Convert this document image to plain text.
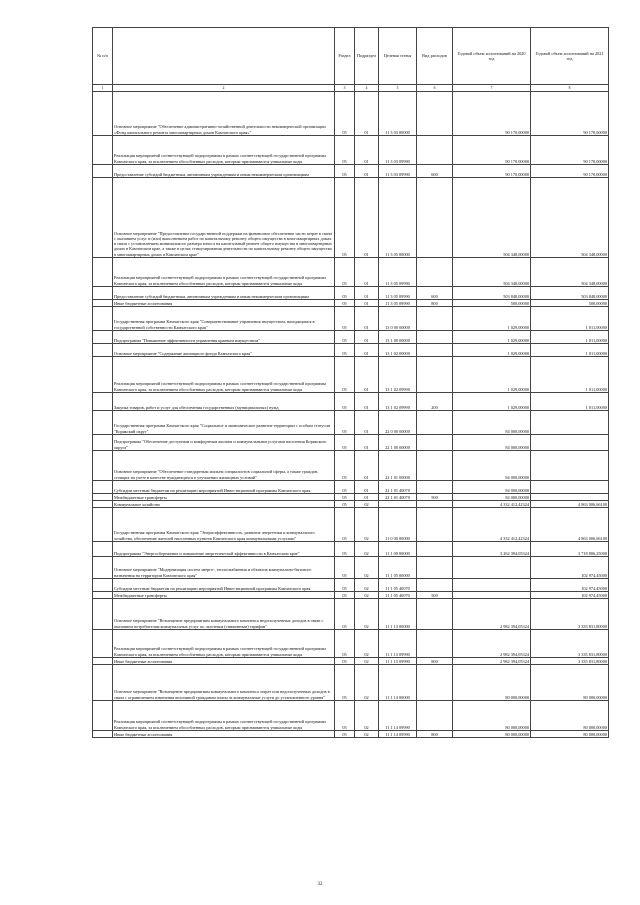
№ п/п		Раздел	Подраздел	Целевая статья	Вид расходов	Годовой объем ассигнований на 2020 год	Годовой объем ассигнований на 2021 год
1	2	3	4	5	6	7	8
	Основное мероприятие "Обеспечение административно-хозяйственной деятельности некоммерческой организации «Фонд капитального ремонта многоквартирных домов Камчатского края»"	05	01	11 3 03 00000		90 170,00000	90 170,00000
	Реализация мероприятий соответствующей подпрограммы в рамках соответствующей государственной программы Камчатского края, за исключением обособленных расходов, которым присваиваются уникальные коды	05	01	11 3 03 09990		90 170,00000	90 170,00000
	Предоставление субсидий бюджетным, автономным учреждениям и иным некоммерческим организациям	05	01	11 3 03 09990	600	90 170,00000	90 170,00000
	Основное мероприятие "Предоставление государственной поддержки на финансовое обеспечение части затрат в связи с оказанием услуг и (или) выполнением работ по капитальному ремонту общего имущества в многоквартирных домах в связи с установлением минимального размера взноса на капитальный ремонт общего имущества в многоквартирных домах в Камчатском крае, а также в целях стимулирования деятельности по капитальному ремонту общего имущества в многоквартирных домах в Камчатском крае"	05	01	11 3 05 00000		504 348,00000	504 348,00000
	Реализация мероприятий соответствующей подпрограммы в рамках соответствующей государственной программы Камчатского края, за исключением обособленных расходов, которым присваиваются уникальные коды	05	01	11 3 05 09990		504 348,00000	504 348,00000
	Предоставление субсидий бюджетным, автономным учреждениям и иным некоммерческим организациям	05	01	11 3 05 09990	600	503 848,00000	503 848,00000
	Иные бюджетные ассигнования	05	01	11 3 05 09990	800	500,00000	500,00000
	Государственная программа Камчатского края "Совершенствование управления имуществом, находящимся в государственной собственности Камчатского края"	05	01	13 0 00 00000		1 029,00000	1 011,00000
	Подпрограмма "Повышение эффективности управления краевым имуществом"	05	01	13 1 00 00000		1 029,00000	1 011,00000
	Основное мероприятие "Содержание жилищного фонда Камчатского края"	05	01	13 1 02 00000		1 029,00000	1 011,00000
	Реализация мероприятий соответствующей подпрограммы в рамках соответствующей государственной программы Камчатского края, за исключением обособленных расходов, которым присваиваются уникальные коды	05	01	13 1 02 09990		1 029,00000	1 011,00000
	Закупка товаров, работ и услуг для обеспечения государственных (муниципальных) нужд	05	01	13 1 02 09990	200	1 029,00000	1 011,00000
	Государственная программа Камчатского края "Социальное и экономическое развитие территории с особым статусом "Корякский округ"	05	01	22 0 00 00000		84 000,00000	
	Подпрограмма "Обеспечение доступным и комфортным жильем и коммунальными услугами населения Корякского округа"	05	01	22 1 00 00000		84 000,00000	
	Основное мероприятие "Обеспечение стандартным жильем специалистов социальной сферы, а также граждан, стоящих на учете в качестве нуждающихся в улучшении жилищных условий"	05	01	22 1 01 00000		84 000,00000	
	Субсидии местным бюджетам на реализацию мероприятий Инвестиционной программы Камчатского края	05	01	22 1 01 40070		84 000,00000	
	Межбюджетные трансферты	05	01	22 1 01 40070	500	84 000,00000	
	Коммунальное хозяйство	05	02			4 332 412,42324	4 863 006,66100
	Государственная программа Камчатского края "Энергоэффективность, развитие энергетики и коммунального хозяйства, обеспечение жителей населенных пунктов Камчатского края коммунальными услугами"	05	02	11 0 00 00000		4 332 412,42324	4 863 006,66100
	Подпрограмма "Энергосбережение и повышение энергетической эффективности в Камчатском крае"	05	02	11 1 00 00000		3 262 394,05324	3 718 806,25000
	Основное мероприятие "Модернизация систем энерго-, теплоснабжения и объектов коммунально-бытового назначения на территории Камчатского края"	05	02	11 1 05 00000			102 974,45000
	Субсидии местным бюджетам на реализацию мероприятий Инвестиционной программы Камчатского края	05	02	11 1 05 40070			102 974,45000
	Межбюджетные трансферты	05	02	11 1 05 40070	500		102 974,45000
	Основное мероприятие "Возмещение предприятиям коммунального комплекса недополученных доходов в связи с оказанием потребителям коммунальных услуг по льготным (сниженным) тарифам"	05	02	11 1 13 00000		2 982 394,05324	3 335 831,80000
	Реализация мероприятий соответствующей подпрограммы в рамках соответствующей государственной программы Камчатского края, за исключением обособленных расходов, которым присваиваются уникальные коды	05	02	11 1 13 09990		2 982 394,05324	3 335 831,80000
	Иные бюджетные ассигнования	05	02	11 1 13 09990	800	2 982 394,05324	3 335 831,80000
	Основное мероприятие "Возмещение предприятиям коммунального комплекса затрат или недополученных доходов в связи с ограничением изменения величиной гражданам платы за коммунальные услуги до установленного уровня"	05	02	11 1 14 00000		80 000,00000	80 000,00000
	Реализация мероприятий соответствующей подпрограммы в рамках соответствующей государственной программы Камчатского края, за исключением обособленных расходов, которым присваиваются уникальные коды	05	02	11 1 14 09990		80 000,00000	80 000,00000
	Иные бюджетные ассигнования	05	02	11 1 14 09990	800	80 000,00000	80 000,00000
32
